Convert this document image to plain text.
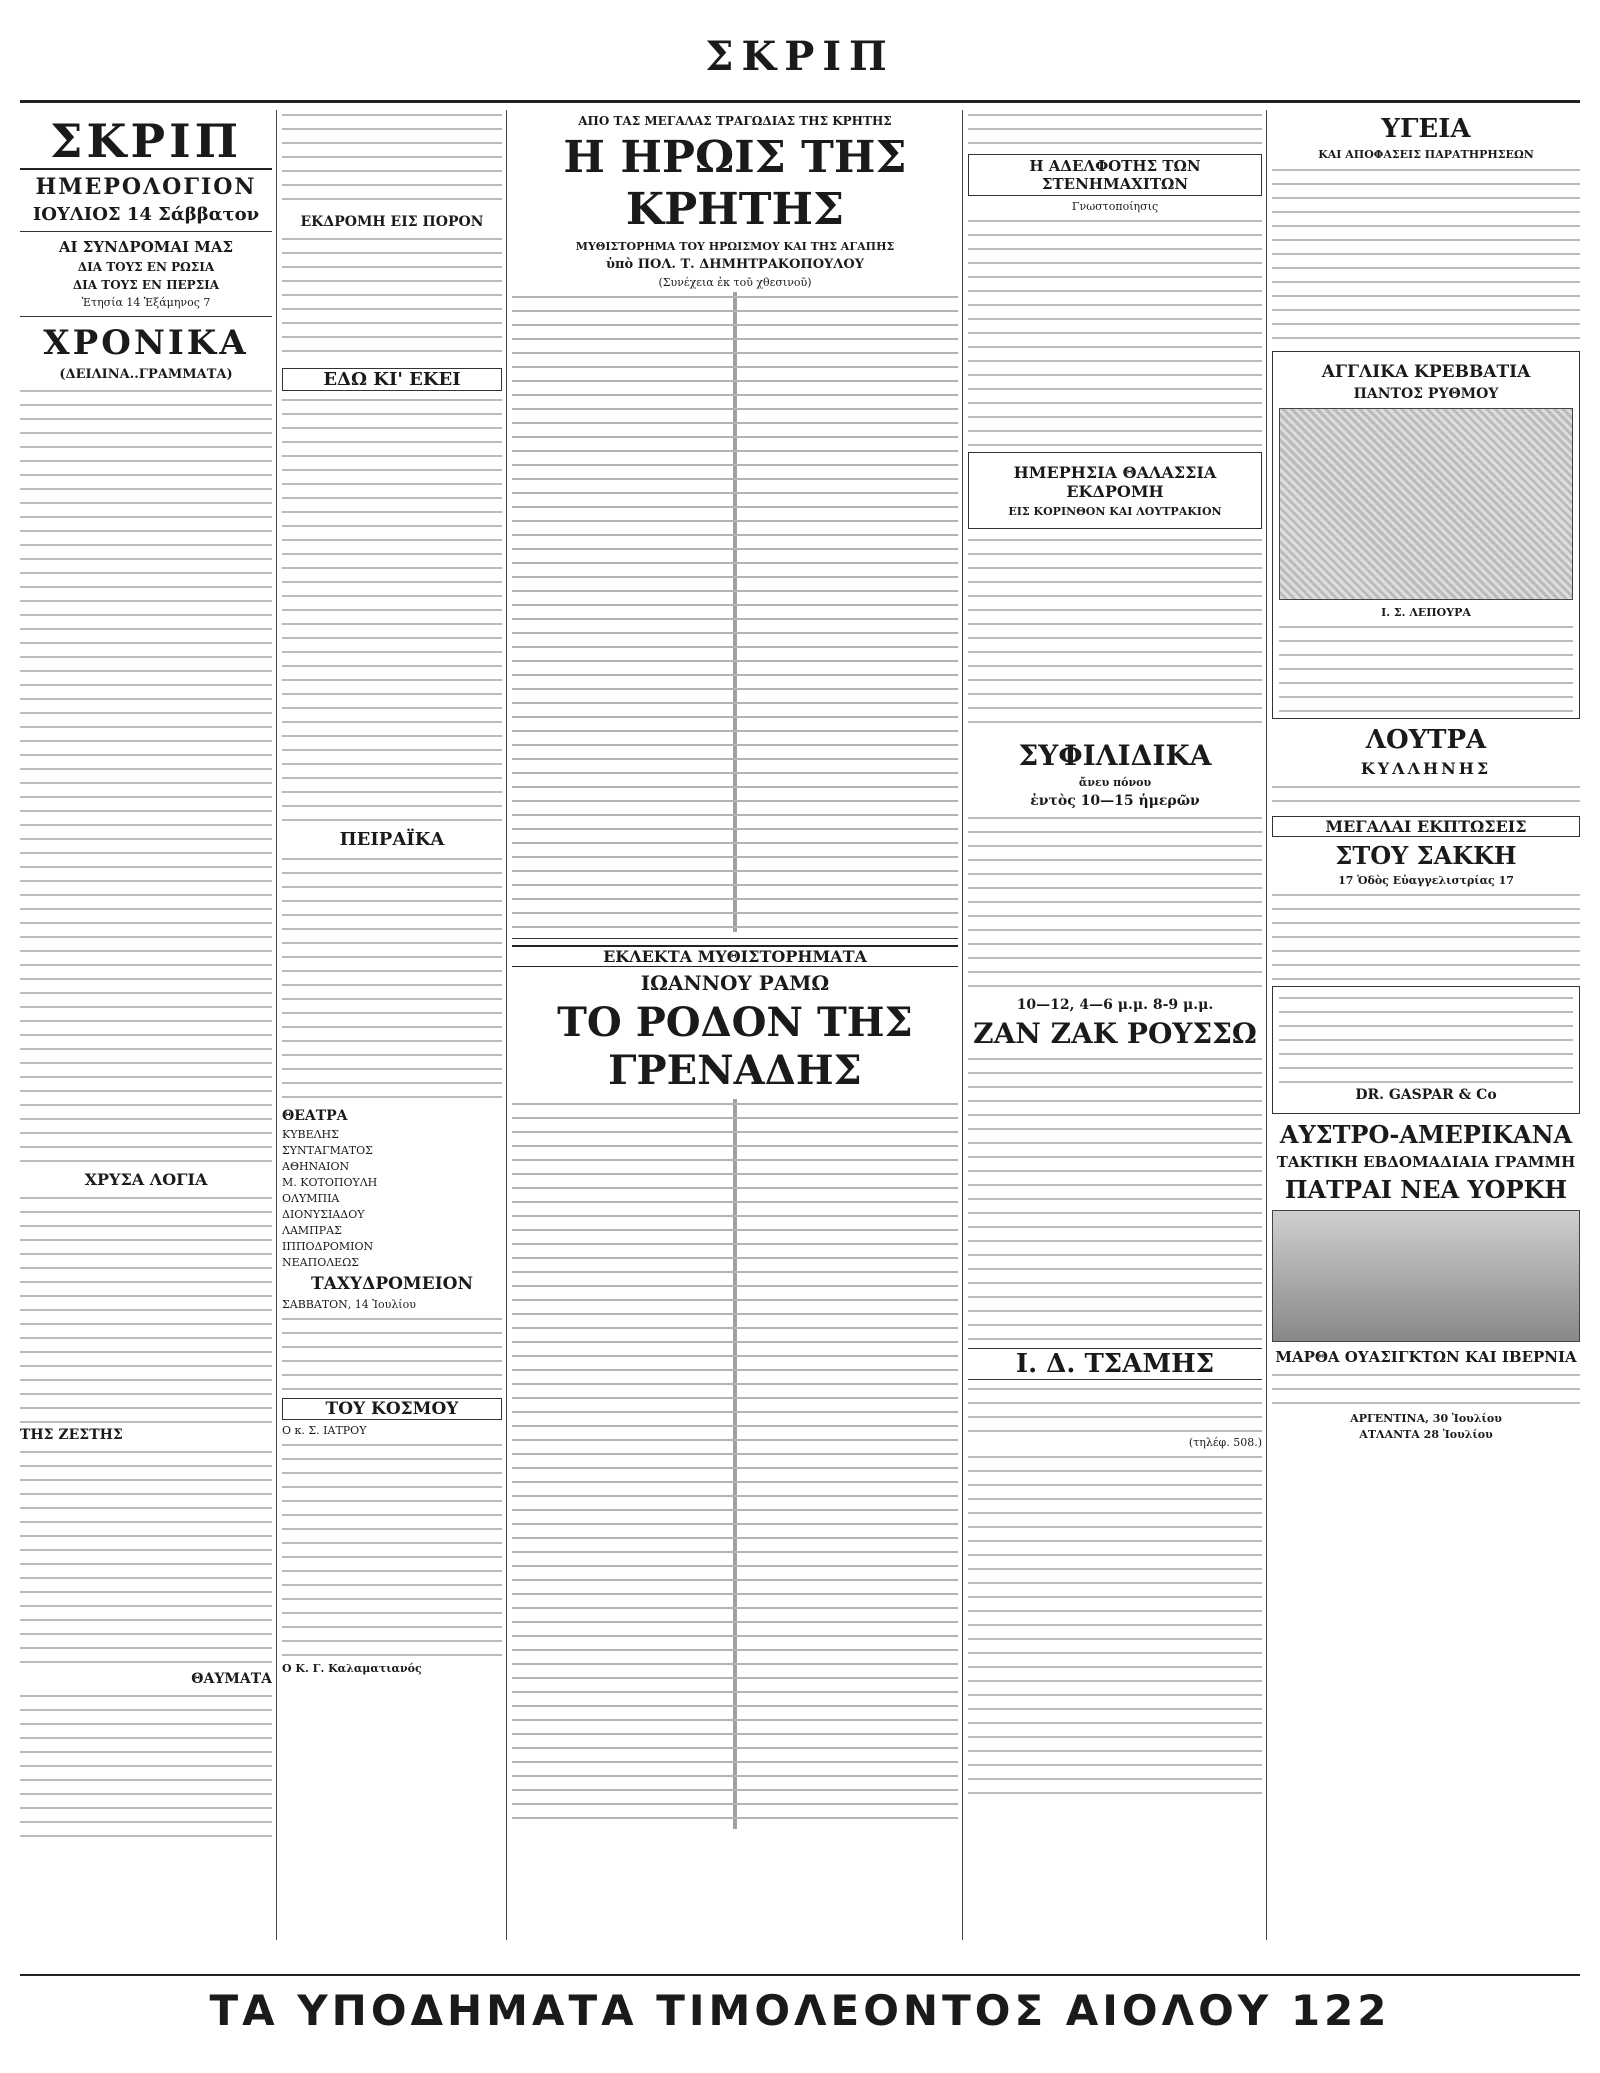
ΣΚΡΙΠ
ΣΚΡΙΠ
ΗΜΕΡΟΛΟΓΙΟΝ
ΙΟΥΛΙΟΣ 14 Σάββατον
ΑΙ ΣΥΝΔΡΟΜΑΙ ΜΑΣ
ΔΙΑ ΤΟΥΣ ΕΝ ΡΩΣΙΑ
ΔΙΑ ΤΟΥΣ ΕΝ ΠΕΡΣΙΑ
Ἐτησία 14 Ἑξάμηνος 7
ΧΡΟΝΙΚΑ
(ΔΕΙΛΙΝΑ..ΓΡΑΜΜΑΤΑ)
ΧΡΥΣΑ ΛΟΓΙΑ
ΤΗΣ ΖΕΣΤΗΣ
ΘΑΥΜΑΤΑ
ΕΚΔΡΟΜΗ ΕΙΣ ΠΟΡΟΝ
ΕΔΩ ΚΙ' ΕΚΕΙ
ΠΕΙΡΑΪΚΑ
ΘΕΑΤΡΑ
ΚΥΒΕΛΗΣ
ΣΥΝΤΑΓΜΑΤΟΣ
ΑΘΗΝΑΙΟΝ
Μ. ΚΟΤΟΠΟΥΛΗ
ΟΛΥΜΠΙΑ
ΔΙΟΝΥΣΙΑΔΟΥ
ΛΑΜΠΡΑΣ
ΙΠΠΟΔΡΟΜΙΟΝ
ΝΕΑΠΟΛΕΩΣ
ΤΑΧΥΔΡΟΜΕΙΟΝ
ΣΑΒΒΑΤΟΝ, 14 Ἰουλίου
ΤΟΥ ΚΟΣΜΟΥ
Ο κ. Σ. ΙΑΤΡΟΥ
Ο Κ. Γ. Καλαματιανός
ΑΠΟ ΤΑΣ ΜΕΓΑΛΑΣ ΤΡΑΓΩΔΙΑΣ ΤΗΣ ΚΡΗΤΗΣ
Η ΗΡΩΙΣ ΤΗΣ ΚΡΗΤΗΣ
ΜΥΘΙΣΤΟΡΗΜΑ ΤΟΥ ΗΡΩΙΣΜΟΥ ΚΑΙ ΤΗΣ ΑΓΑΠΗΣ
ὑπὸ ΠΟΛ. Τ. ΔΗΜΗΤΡΑΚΟΠΟΥΛΟΥ
(Συνέχεια ἐκ τοῦ χθεσινοῦ)
ΕΚΛΕΚΤΑ ΜΥΘΙΣΤΟΡΗΜΑΤΑ
ΙΩΑΝΝΟΥ ΡΑΜΩ
ΤΟ ΡΟΔΟΝ ΤΗΣ ΓΡΕΝΑΔΗΣ
Η ΑΔΕΛΦΟΤΗΣ ΤΩΝ ΣΤΕΝΗΜΑΧΙΤΩΝ
Γνωστοποίησις
ΗΜΕΡΗΣΙΑ ΘΑΛΑΣΣΙΑ ΕΚΔΡΟΜΗ
ΕΙΣ ΚΟΡΙΝΘΟΝ ΚΑΙ ΛΟΥΤΡΑΚΙΟΝ
ΣΥΦΙΛΙΔΙΚΑ
ἄνευ πόνου
ἐντὸς 10—15 ἡμερῶν
10—12, 4—6 μ.μ. 8-9 μ.μ.
ΖΑΝ ΖΑΚ ΡΟΥΣΣΩ
Ι. Δ. ΤΣΑΜΗΣ
(τηλέφ. 508.)
ΥΓΕΙΑ
ΚΑΙ ΑΠΟΦΑΣΕΙΣ ΠΑΡΑΤΗΡΗΣΕΩΝ
ΑΓΓΛΙΚΑ ΚΡΕΒΒΑΤΙΑ
ΠΑΝΤΟΣ ΡΥΘΜΟΥ
Ι. Σ. ΛΕΠΟΥΡΑ
ΛΟΥΤΡΑ
ΚΥΛΛΗΝΗΣ
ΜΕΓΑΛΑΙ ΕΚΠΤΩΣΕΙΣ
ΣΤΟΥ ΣΑΚΚΗ
17 Ὁδὸς Εὐαγγελιστρίας 17
DR. GASPAR & Co
ΑΥΣΤΡΟ-ΑΜΕΡΙΚΑΝΑ
ΤΑΚΤΙΚΗ ΕΒΔΟΜΑΔΙΑΙΑ ΓΡΑΜΜΗ
ΠΑΤΡΑΙ ΝΕΑ ΥΟΡΚΗ
ΜΑΡΘΑ ΟΥΑΣΙΓΚΤΩΝ ΚΑΙ ΙΒΕΡΝΙΑ
ΑΡΓΕΝΤΙΝΑ, 30 Ἰουλίου
ΑΤΛΑΝΤΑ 28 Ἰουλίου
ΤΑ ΥΠΟΔΗΜΑΤΑ ΤΙΜΟΛΕΟΝΤΟΣ ΑΙΟΛΟΥ 122
